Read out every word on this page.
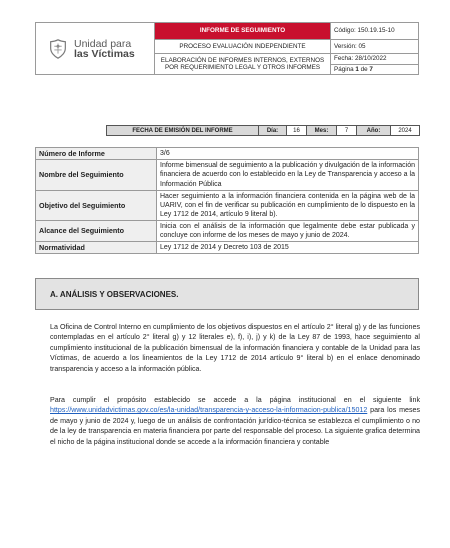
Unidad para
las Víctimas	INFORME DE SEGUIMIENTO	Código: 150.19.15-10
	PROCESO EVALUACIÓN INDEPENDIENTE	Versión: 05
	ELABORACIÓN DE INFORMES INTERNOS, EXTERNOS POR REQUERIMIENTO LEGAL Y OTROS INFORMES	Fecha: 28/10/2022
Página 1 de 7
FECHA DE EMISIÓN DEL INFORME	Día:	16	Mes:	7	Año:	2024
Número de Informe	3/6
Nombre del Seguimiento	Informe bimensual de seguimiento a la publicación y divulgación de la información financiera de acuerdo con lo establecido en la Ley de Transparencia y acceso a la Información Pública
Objetivo del Seguimiento	Hacer seguimiento a la información financiera contenida en la página web de la UARIV, con el fin de verificar su publicación en cumplimiento de lo dispuesto en la Ley 1712 de 2014, artículo 9 literal b).
Alcance del Seguimiento	Inicia con el análisis de la información que legalmente debe estar publicada y concluye con informe de los meses de mayo y junio de 2024.
Normatividad	Ley 1712 de 2014 y Decreto 103 de 2015
A. ANÁLISIS Y OBSERVACIONES.

La Oficina de Control Interno en cumplimiento de los objetivos dispuestos en el artículo 2° literal g) y de las funciones contempladas en el artículo 2° literal g) y 12 literales e), f), i), j) y k) de la Ley 87 de 1993, hace seguimiento al cumplimiento institucional de la publicación bimensual de la información financiera y contable de la Unidad para las Víctimas, de acuerdo a los lineamientos de la Ley 1712 de 2014 artículo 9° literal b) en el enlace denominado transparencia y acceso a la información pública.

Para cumplir el propósito establecido se accede a la página institucional en el siguiente link https://www.unidadvictimas.gov.co/es/la-unidad/transparencia-y-acceso-la-informacion-publica/15012 para los meses de mayo y junio de 2024 y, luego de un análisis de confrontación jurídico-técnica se establezca el cumplimiento o no de la ley de transparencia en materia financiera por parte del responsable del proceso. La siguiente grafica determina el nicho de la página institucional donde se accede a la información financiera y contable
